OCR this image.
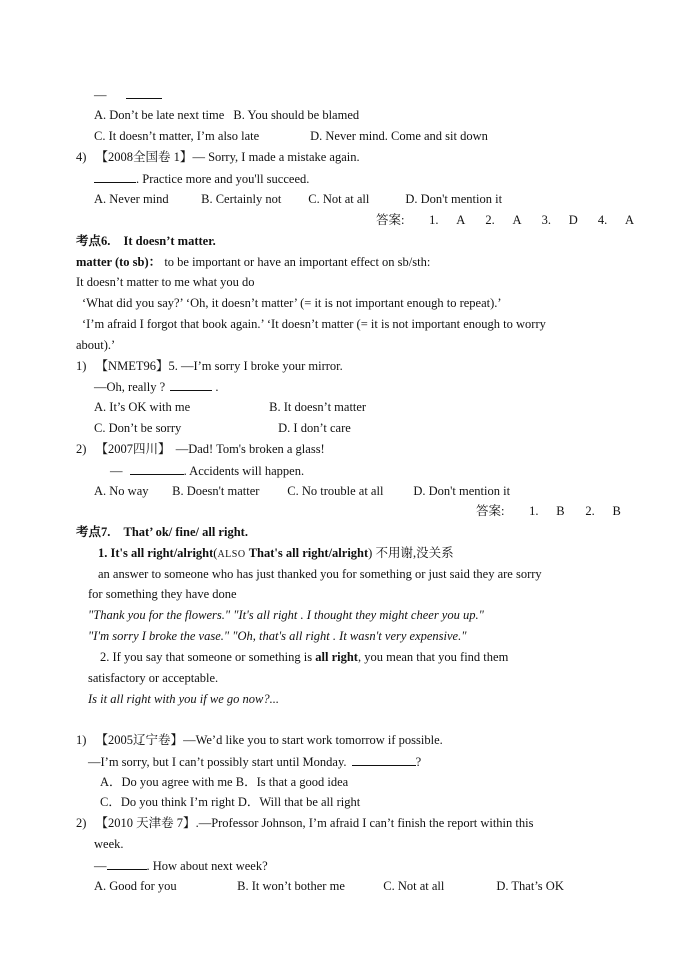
—
A. Don’t be late next time B. You should be blamed
C. It doesn’t matter, I’m also late	D. Never mind. Come and sit down
4) 【2008全国卷 1】— Sorry, I made a mistake again.
. Practice more and you'll succeed.
A. Never mind	B. Certainly not C. Not at all	D. Don't mention it
答案: 1. A 2. A 3. D 4. A
考点6. It doesn’t matter.
matter (to sb)： to be important or have an important effect on sb/sth:
It doesn’t matter to me what you do
‘What did you say?’ ‘Oh, it doesn’t matter’ (= it is not important enough to repeat).’
‘I’m afraid I forgot that book again.’ ‘It doesn’t matter (= it is not important enough to worry
about).’
1) 【NMET96】5. —I’m sorry I broke your mirror.
—Oh, really ?	.
A. It’s OK with me	B. It doesn’t matter
C. Don’t be sorry	D. I don’t care
2) 【2007四川】 —Dad! Tom's broken a glass!
—	. Accidents will happen.
A. No way B. Doesn't matter C. No trouble at all D. Don't mention it
答案: 1. B 2. B
考点7. That’ ok/ fine/ all right.
1. It's all right/alright(ALSO That's all right/alright) 不用谢,没关系
an answer to someone who has just thanked you for something or just said they are sorry
for something they have done
"Thank you for the flowers." "It's all right . I thought they might cheer you up."
"I'm sorry I broke the vase." "Oh, that's all right . It wasn't very expensive."
2. If you say that someone or something is all right, you mean that you find them
satisfactory or acceptable.
Is it all right with you if we go now?...
1) 【2005辽宁卷】—We’d like you to start work tomorrow if possible.
—I’m sorry, but I can’t possibly start until Monday.	?
A．Do you agree with me B．Is that a good idea
C．Do you think I’m right D．Will that be all right
2) 【2010 天津卷 7】.—Professor Johnson, I’m afraid I can’t finish the report within this
week.
—	. How about next week?
A. Good for you	B. It won’t bother me	C. Not at all	D. That’s OK
